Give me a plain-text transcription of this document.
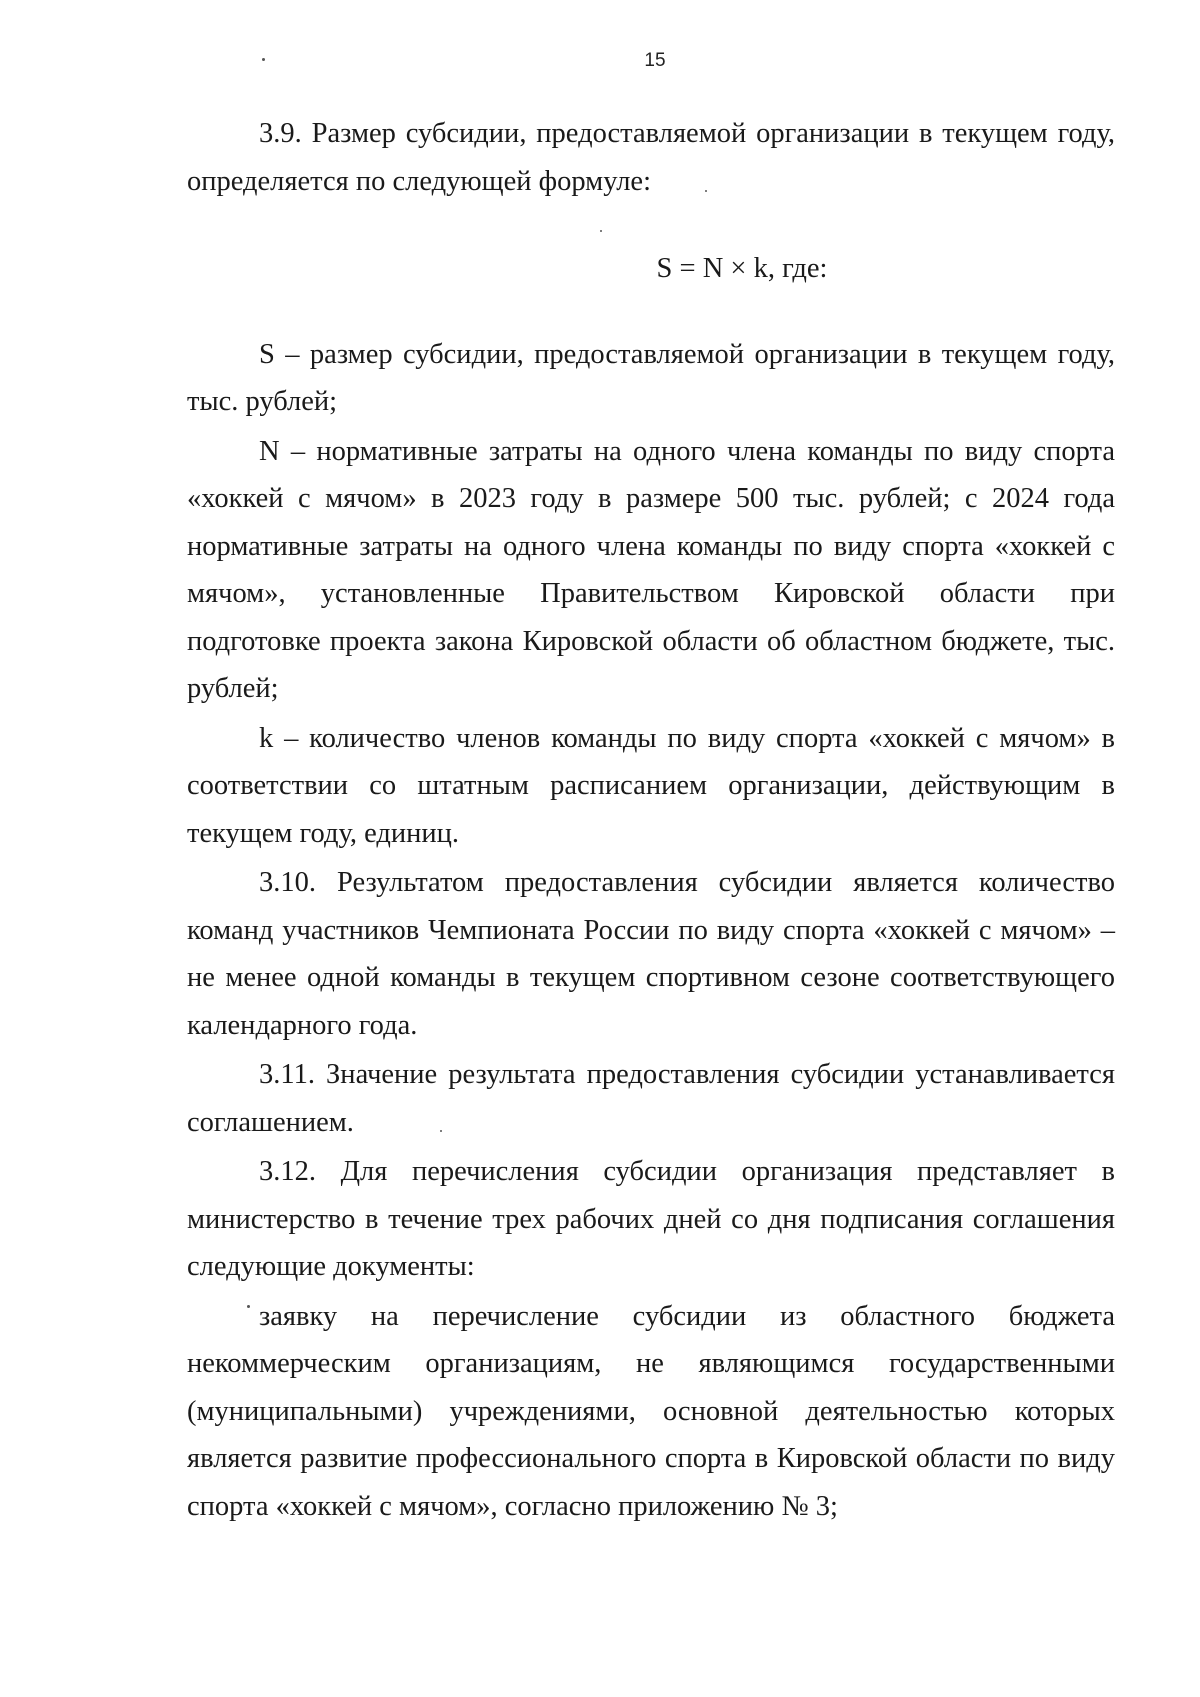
15

3.9. Размер субсидии, предоставляемой организации в текущем году, определяется по следующей формуле:

S = N × k, где:

S – размер субсидии, предоставляемой организации в текущем году, тыс. рублей;

N – нормативные затраты на одного члена команды по виду спорта «хоккей с мячом» в 2023 году в размере 500 тыс. рублей; с 2024 года нормативные затраты на одного члена команды по виду спорта «хоккей с мячом», установленные Правительством Кировской области при подготовке проекта закона Кировской области об областном бюджете, тыс. рублей;

k – количество членов команды по виду спорта «хоккей с мячом» в соответствии со штатным расписанием организации, действующим в текущем году, единиц.

3.10. Результатом предоставления субсидии является количество команд участников Чемпионата России по виду спорта «хоккей с мячом» – не менее одной команды в текущем спортивном сезоне соответствующего календарного года.

3.11. Значение результата предоставления субсидии устанавливается соглашением.

3.12. Для перечисления субсидии организация представляет в министерство в течение трех рабочих дней со дня подписания соглашения следующие документы:

заявку на перечисление субсидии из областного бюджета некоммерческим организациям, не являющимся государственными (муниципальными) учреждениями, основной деятельностью которых является развитие профессионального спорта в Кировской области по виду спорта «хоккей с мячом», согласно приложению № 3;
